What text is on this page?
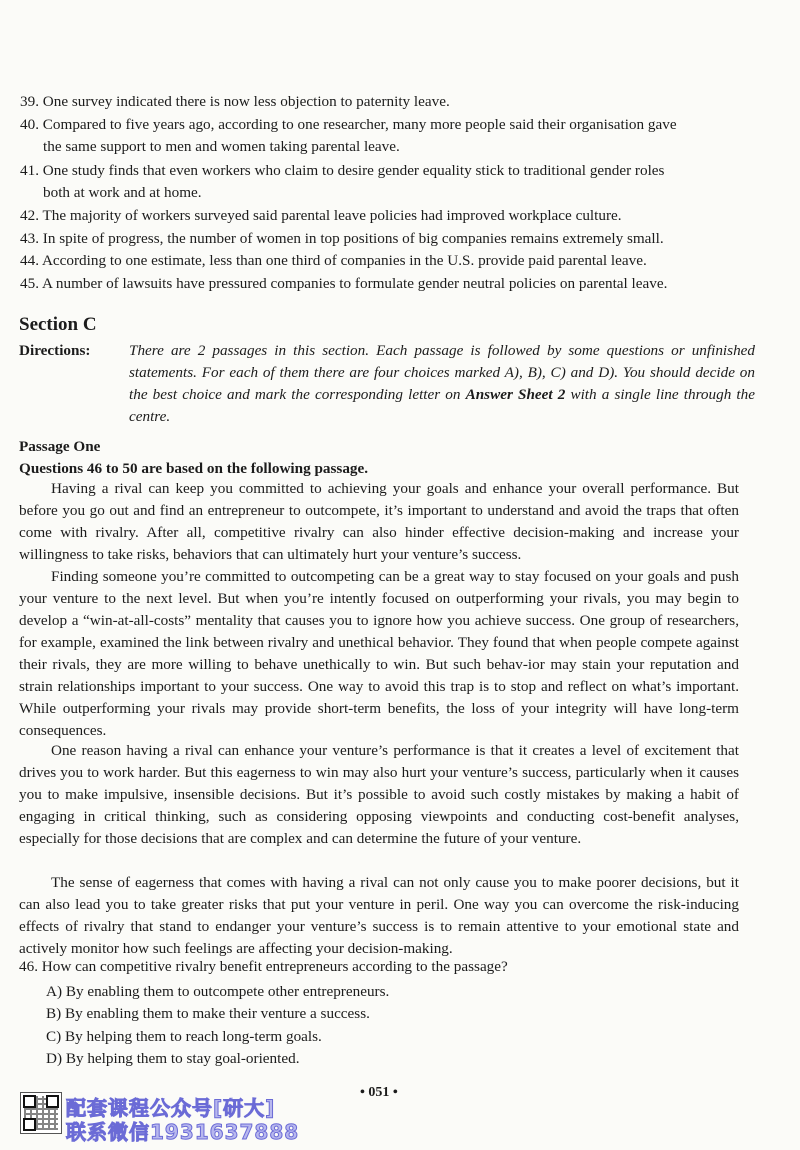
39. One survey indicated there is now less objection to paternity leave.
40. Compared to five years ago, according to one researcher, many more people said their organisation gave
the same support to men and women taking parental leave.
41. One study finds that even workers who claim to desire gender equality stick to traditional gender roles
both at work and at home.
42. The majority of workers surveyed said parental leave policies had improved workplace culture.
43. In spite of progress, the number of women in top positions of big companies remains extremely small.
44. According to one estimate, less than one third of companies in the U.S. provide paid parental leave.
45. A number of lawsuits have pressured companies to formulate gender neutral policies on parental leave.
Section C
Directions:	There are 2 passages in this section. Each passage is followed by some questions or unfinished statements. For each of them there are four choices marked A), B), C) and D). You should decide on the best choice and mark the corresponding letter on Answer Sheet 2 with a single line through the centre.
Passage One
Questions 46 to 50 are based on the following passage.
Having a rival can keep you committed to achieving your goals and enhance your overall performance. But before you go out and find an entrepreneur to outcompete, it’s important to understand and avoid the traps that often come with rivalry. After all, competitive rivalry can also hinder effective decision-making and increase your willingness to take risks, behaviors that can ultimately hurt your venture’s success.
Finding someone you’re committed to outcompeting can be a great way to stay focused on your goals and push your venture to the next level. But when you’re intently focused on outperforming your rivals, you may begin to develop a “win-at-all-costs” mentality that causes you to ignore how you achieve success. One group of researchers, for example, examined the link between rivalry and unethical behavior. They found that when people compete against their rivals, they are more willing to behave unethically to win. But such behav-ior may stain your reputation and strain relationships important to your success. One way to avoid this trap is to stop and reflect on what’s important. While outperforming your rivals may provide short-term benefits, the loss of your integrity will have long-term consequences.
One reason having a rival can enhance your venture’s performance is that it creates a level of excitement that drives you to work harder. But this eagerness to win may also hurt your venture’s success, particularly when it causes you to make impulsive, insensible decisions. But it’s possible to avoid such costly mistakes by making a habit of engaging in critical thinking, such as considering opposing viewpoints and conducting cost-benefit analyses, especially for those decisions that are complex and can determine the future of your venture.
The sense of eagerness that comes with having a rival can not only cause you to make poorer decisions, but it can also lead you to take greater risks that put your venture in peril. One way you can overcome the risk-inducing effects of rivalry that stand to endanger your venture’s success is to remain attentive to your emotional state and actively monitor how such feelings are affecting your decision-making.
46. How can competitive rivalry benefit entrepreneurs according to the passage?
A) By enabling them to outcompete other entrepreneurs.
B) By enabling them to make their venture a success.
C) By helping them to reach long-term goals.
D) By helping them to stay goal-oriented.
• 051 •
配套课程公众号[研大]
联系微信1931637888
